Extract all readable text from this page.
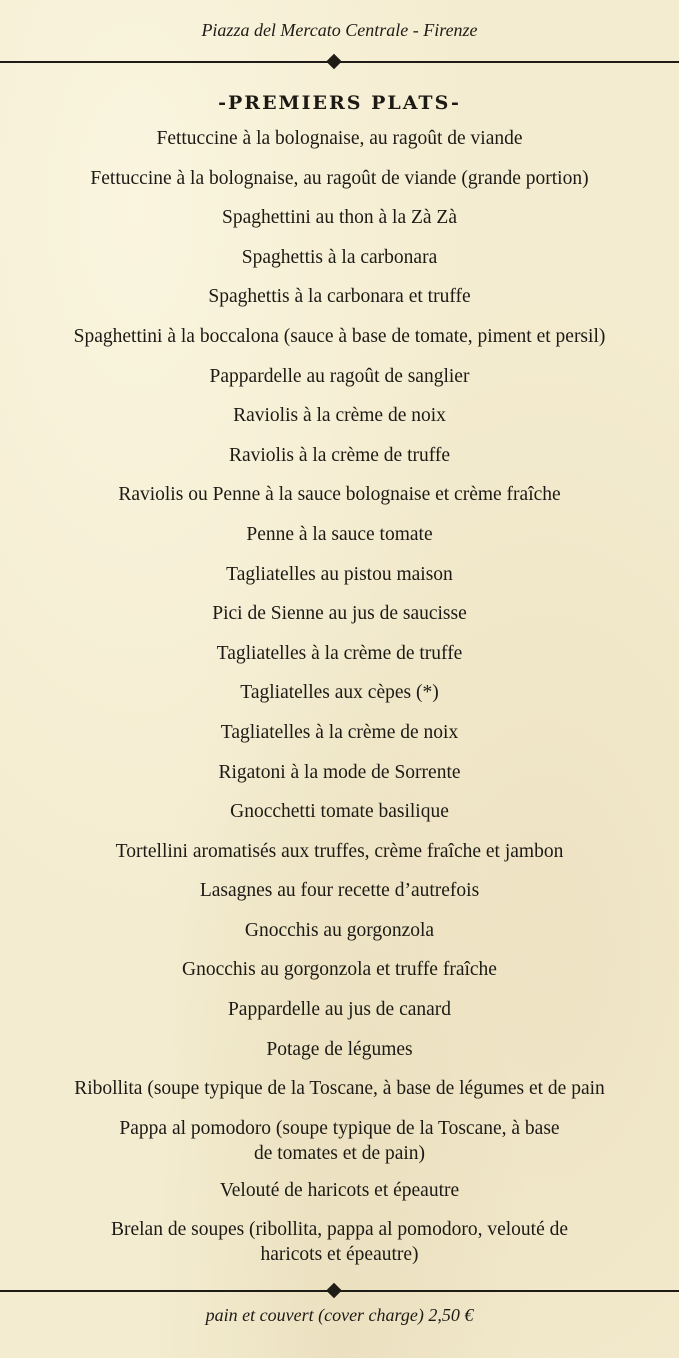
Piazza del Mercato Centrale - Firenze
-PREMIERS PLATS-
Fettuccine à la bolognaise, au ragoût de viande
Fettuccine à la bolognaise, au ragoût de viande (grande portion)
Spaghettini au thon à la Zà Zà
Spaghettis à la carbonara
Spaghettis à la carbonara et truffe
Spaghettini à la boccalona (sauce à base de tomate, piment et persil)
Pappardelle au ragoût de sanglier
Raviolis à la crème de noix
Raviolis à la crème de truffe
Raviolis ou Penne à la sauce bolognaise et crème fraîche
Penne à la sauce tomate
Tagliatelles au pistou maison
Pici de Sienne au jus de saucisse
Tagliatelles à la crème de truffe
Tagliatelles aux cèpes (*)
Tagliatelles à la crème de noix
Rigatoni à la mode de Sorrente
Gnocchetti tomate basilique
Tortellini aromatisés aux truffes, crème fraîche et jambon
Lasagnes au four recette d’autrefois
Gnocchis au gorgonzola
Gnocchis au gorgonzola et truffe fraîche
Pappardelle au jus de canard
Potage de légumes
Ribollita (soupe typique de la Toscane, à base de légumes et de pain
Pappa al pomodoro (soupe typique de la Toscane, à base
de tomates et de pain)
Velouté de haricots et épeautre
Brelan de soupes (ribollita, pappa al pomodoro, velouté de
haricots et épeautre)
pain et couvert (cover charge) 2,50 €
